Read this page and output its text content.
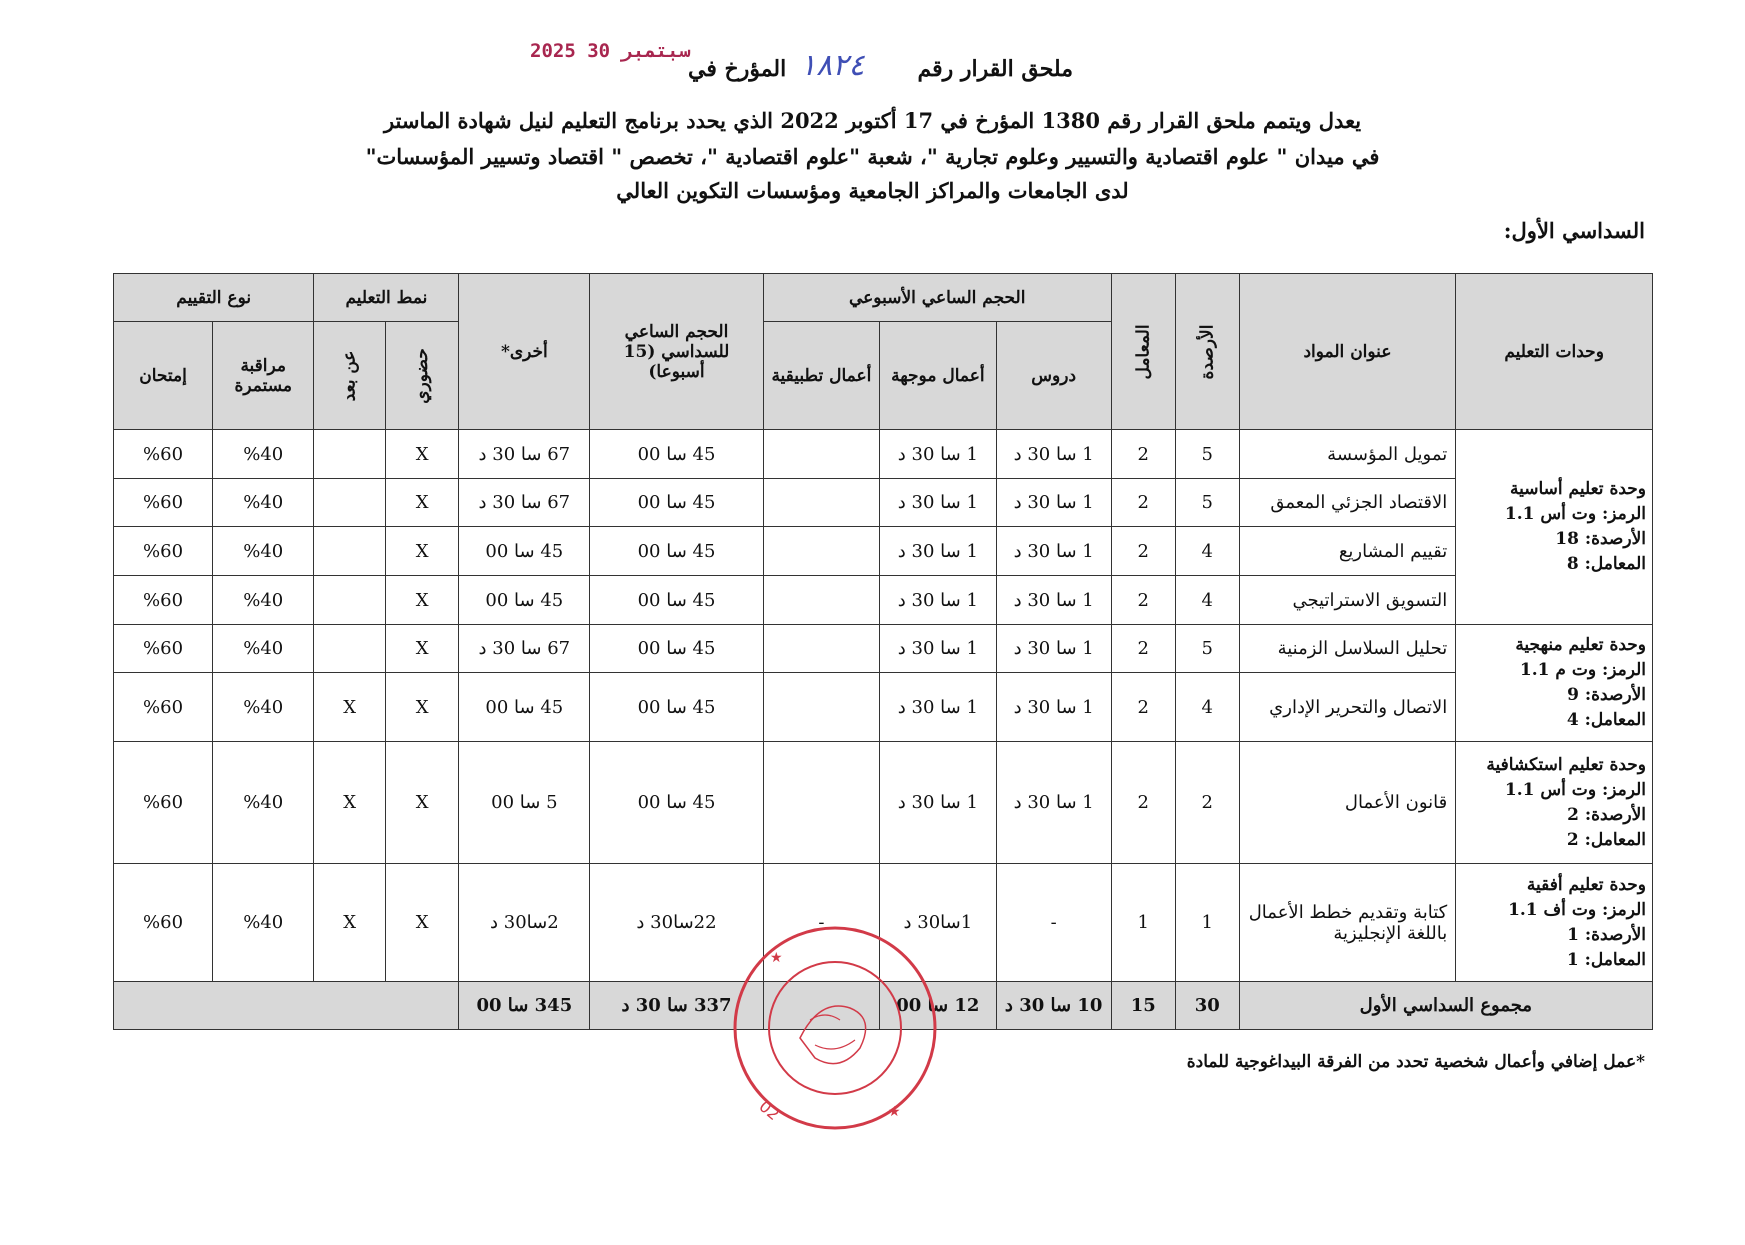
ملحق القرار رقم
١٨٢٤
المؤرخ في
2025 سبتمبر 30
يعدل ويتمم ملحق القرار رقم 1380 المؤرخ في 17 أكتوبر 2022 الذي يحدد برنامج التعليم لنيل شهادة الماستر
في ميدان " علوم اقتصادية والتسيير وعلوم تجارية "، شعبة "علوم اقتصادية "، تخصص " اقتصاد وتسيير المؤسسات"
لدى الجامعات والمراكز الجامعية ومؤسسات التكوين العالي
السداسي الأول:
وحدات التعليم	عنوان المواد	الأرصدة	المعامل	الحجم الساعي الأسبوعي			الحجم الساعي للسداسي (15 أسبوعا)	أخرى*	نمط التعليم		نوع التقييم	
				دروس	أعمال موجهة	أعمال تطبيقية			حضوري	عن بعد	مراقبة مستمرة	إمتحان

وحدة تعليم أساسية
الرمز: وت أس 1.1
الأرصدة: 18
المعامل: 8	تمويل المؤسسة	5	2	1 سا 30 د	1 سا 30 د		45 سا 00	67 سا 30 د	X		%40	%60
	الاقتصاد الجزئي المعمق	5	2	1 سا 30 د	1 سا 30 د		45 سا 00	67 سا 30 د	X		%40	%60
	تقييم المشاريع	4	2	1 سا 30 د	1 سا 30 د		45 سا 00	45 سا 00	X		%40	%60
	التسويق الاستراتيجي	4	2	1 سا 30 د	1 سا 30 د		45 سا 00	45 سا 00	X		%40	%60

وحدة تعليم منهجية
الرمز: وت م 1.1
الأرصدة: 9
المعامل: 4	تحليل السلاسل الزمنية	5	2	1 سا 30 د	1 سا 30 د		45 سا 00	67 سا 30 د	X		%40	%60
	الاتصال والتحرير الإداري	4	2	1 سا 30 د	1 سا 30 د		45 سا 00	45 سا 00	X	X	%40	%60

وحدة تعليم استكشافية
الرمز: وت أس 1.1
الأرصدة: 2
المعامل: 2	قانون الأعمال	2	2	1 سا 30 د	1 سا 30 د		45 سا 00	5 سا 00	X	X	%40	%60

وحدة تعليم أفقية
الرمز: وت أف 1.1
الأرصدة: 1
المعامل: 1	كتابة وتقديم خطط الأعمال باللغة الإنجليزية	1	1	-	1سا30 د	-	22سا30 د	2سا30 د	X	X	%40	%60
مجموع السداسي الأول		30	15	10 سا 30 د	12 سا 00		337 سا 30 د	345 سا 00				
*عمل إضافي وأعمال شخصية تحدد من الفرقة البيداغوجية للمادة
★
★
02
